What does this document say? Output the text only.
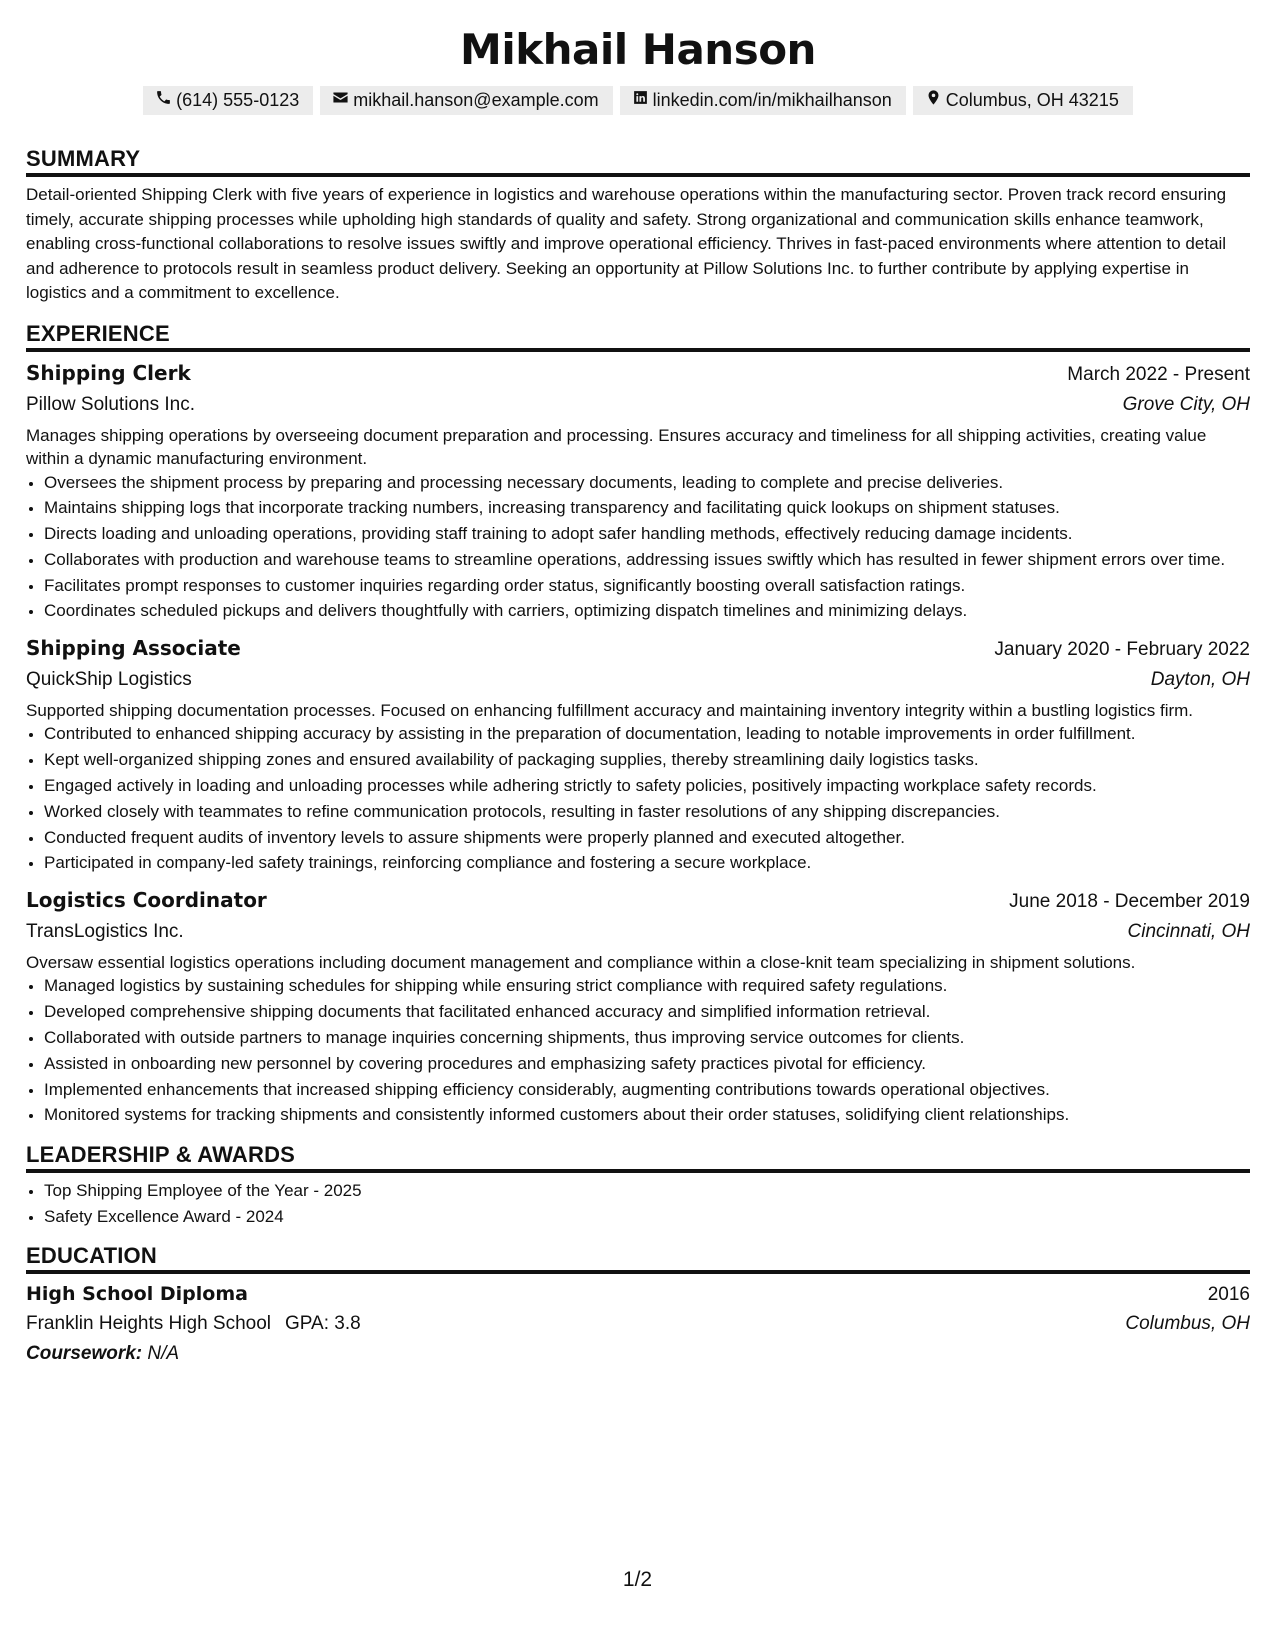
Mikhail Hanson
(614) 555-0123	mikhail.hanson@example.com	linkedin.com/in/mikhailhanson	Columbus, OH 43215
SUMMARY

Detail-oriented Shipping Clerk with five years of experience in logistics and warehouse operations within the manufacturing sector. Proven track record ensuring timely, accurate shipping processes while upholding high standards of quality and safety. Strong organizational and communication skills enhance teamwork, enabling cross-functional collaborations to resolve issues swiftly and improve operational efficiency. Thrives in fast-paced environments where attention to detail and adherence to protocols result in seamless product delivery. Seeking an opportunity at Pillow Solutions Inc. to further contribute by applying expertise in logistics and a commitment to excellence.

EXPERIENCE
Shipping Clerk	March 2022 - Present
Pillow Solutions Inc.	Grove City, OH
Manages shipping operations by overseeing document preparation and processing. Ensures accuracy and timeliness for all shipping activities, creating value within a dynamic manufacturing environment.
• Oversees the shipment process by preparing and processing necessary documents, leading to complete and precise deliveries.
• Maintains shipping logs that incorporate tracking numbers, increasing transparency and facilitating quick lookups on shipment statuses.
• Directs loading and unloading operations, providing staff training to adopt safer handling methods, effectively reducing damage incidents.
• Collaborates with production and warehouse teams to streamline operations, addressing issues swiftly which has resulted in fewer shipment errors over time.
• Facilitates prompt responses to customer inquiries regarding order status, significantly boosting overall satisfaction ratings.
• Coordinates scheduled pickups and delivers thoughtfully with carriers, optimizing dispatch timelines and minimizing delays.
Shipping Associate	January 2020 - February 2022
QuickShip Logistics	Dayton, OH
Supported shipping documentation processes. Focused on enhancing fulfillment accuracy and maintaining inventory integrity within a bustling logistics firm.
• Contributed to enhanced shipping accuracy by assisting in the preparation of documentation, leading to notable improvements in order fulfillment.
• Kept well-organized shipping zones and ensured availability of packaging supplies, thereby streamlining daily logistics tasks.
• Engaged actively in loading and unloading processes while adhering strictly to safety policies, positively impacting workplace safety records.
• Worked closely with teammates to refine communication protocols, resulting in faster resolutions of any shipping discrepancies.
• Conducted frequent audits of inventory levels to assure shipments were properly planned and executed altogether.
• Participated in company-led safety trainings, reinforcing compliance and fostering a secure workplace.
Logistics Coordinator	June 2018 - December 2019
TransLogistics Inc.	Cincinnati, OH
Oversaw essential logistics operations including document management and compliance within a close-knit team specializing in shipment solutions.
• Managed logistics by sustaining schedules for shipping while ensuring strict compliance with required safety regulations.
• Developed comprehensive shipping documents that facilitated enhanced accuracy and simplified information retrieval.
• Collaborated with outside partners to manage inquiries concerning shipments, thus improving service outcomes for clients.
• Assisted in onboarding new personnel by covering procedures and emphasizing safety practices pivotal for efficiency.
• Implemented enhancements that increased shipping efficiency considerably, augmenting contributions towards operational objectives.
• Monitored systems for tracking shipments and consistently informed customers about their order statuses, solidifying client relationships.
LEADERSHIP & AWARDS
• Top Shipping Employee of the Year - 2025
• Safety Excellence Award - 2024
EDUCATION
High School Diploma	2016
Franklin Heights High School GPA: 3.8	Columbus, OH
Coursework: N/A
1/2
